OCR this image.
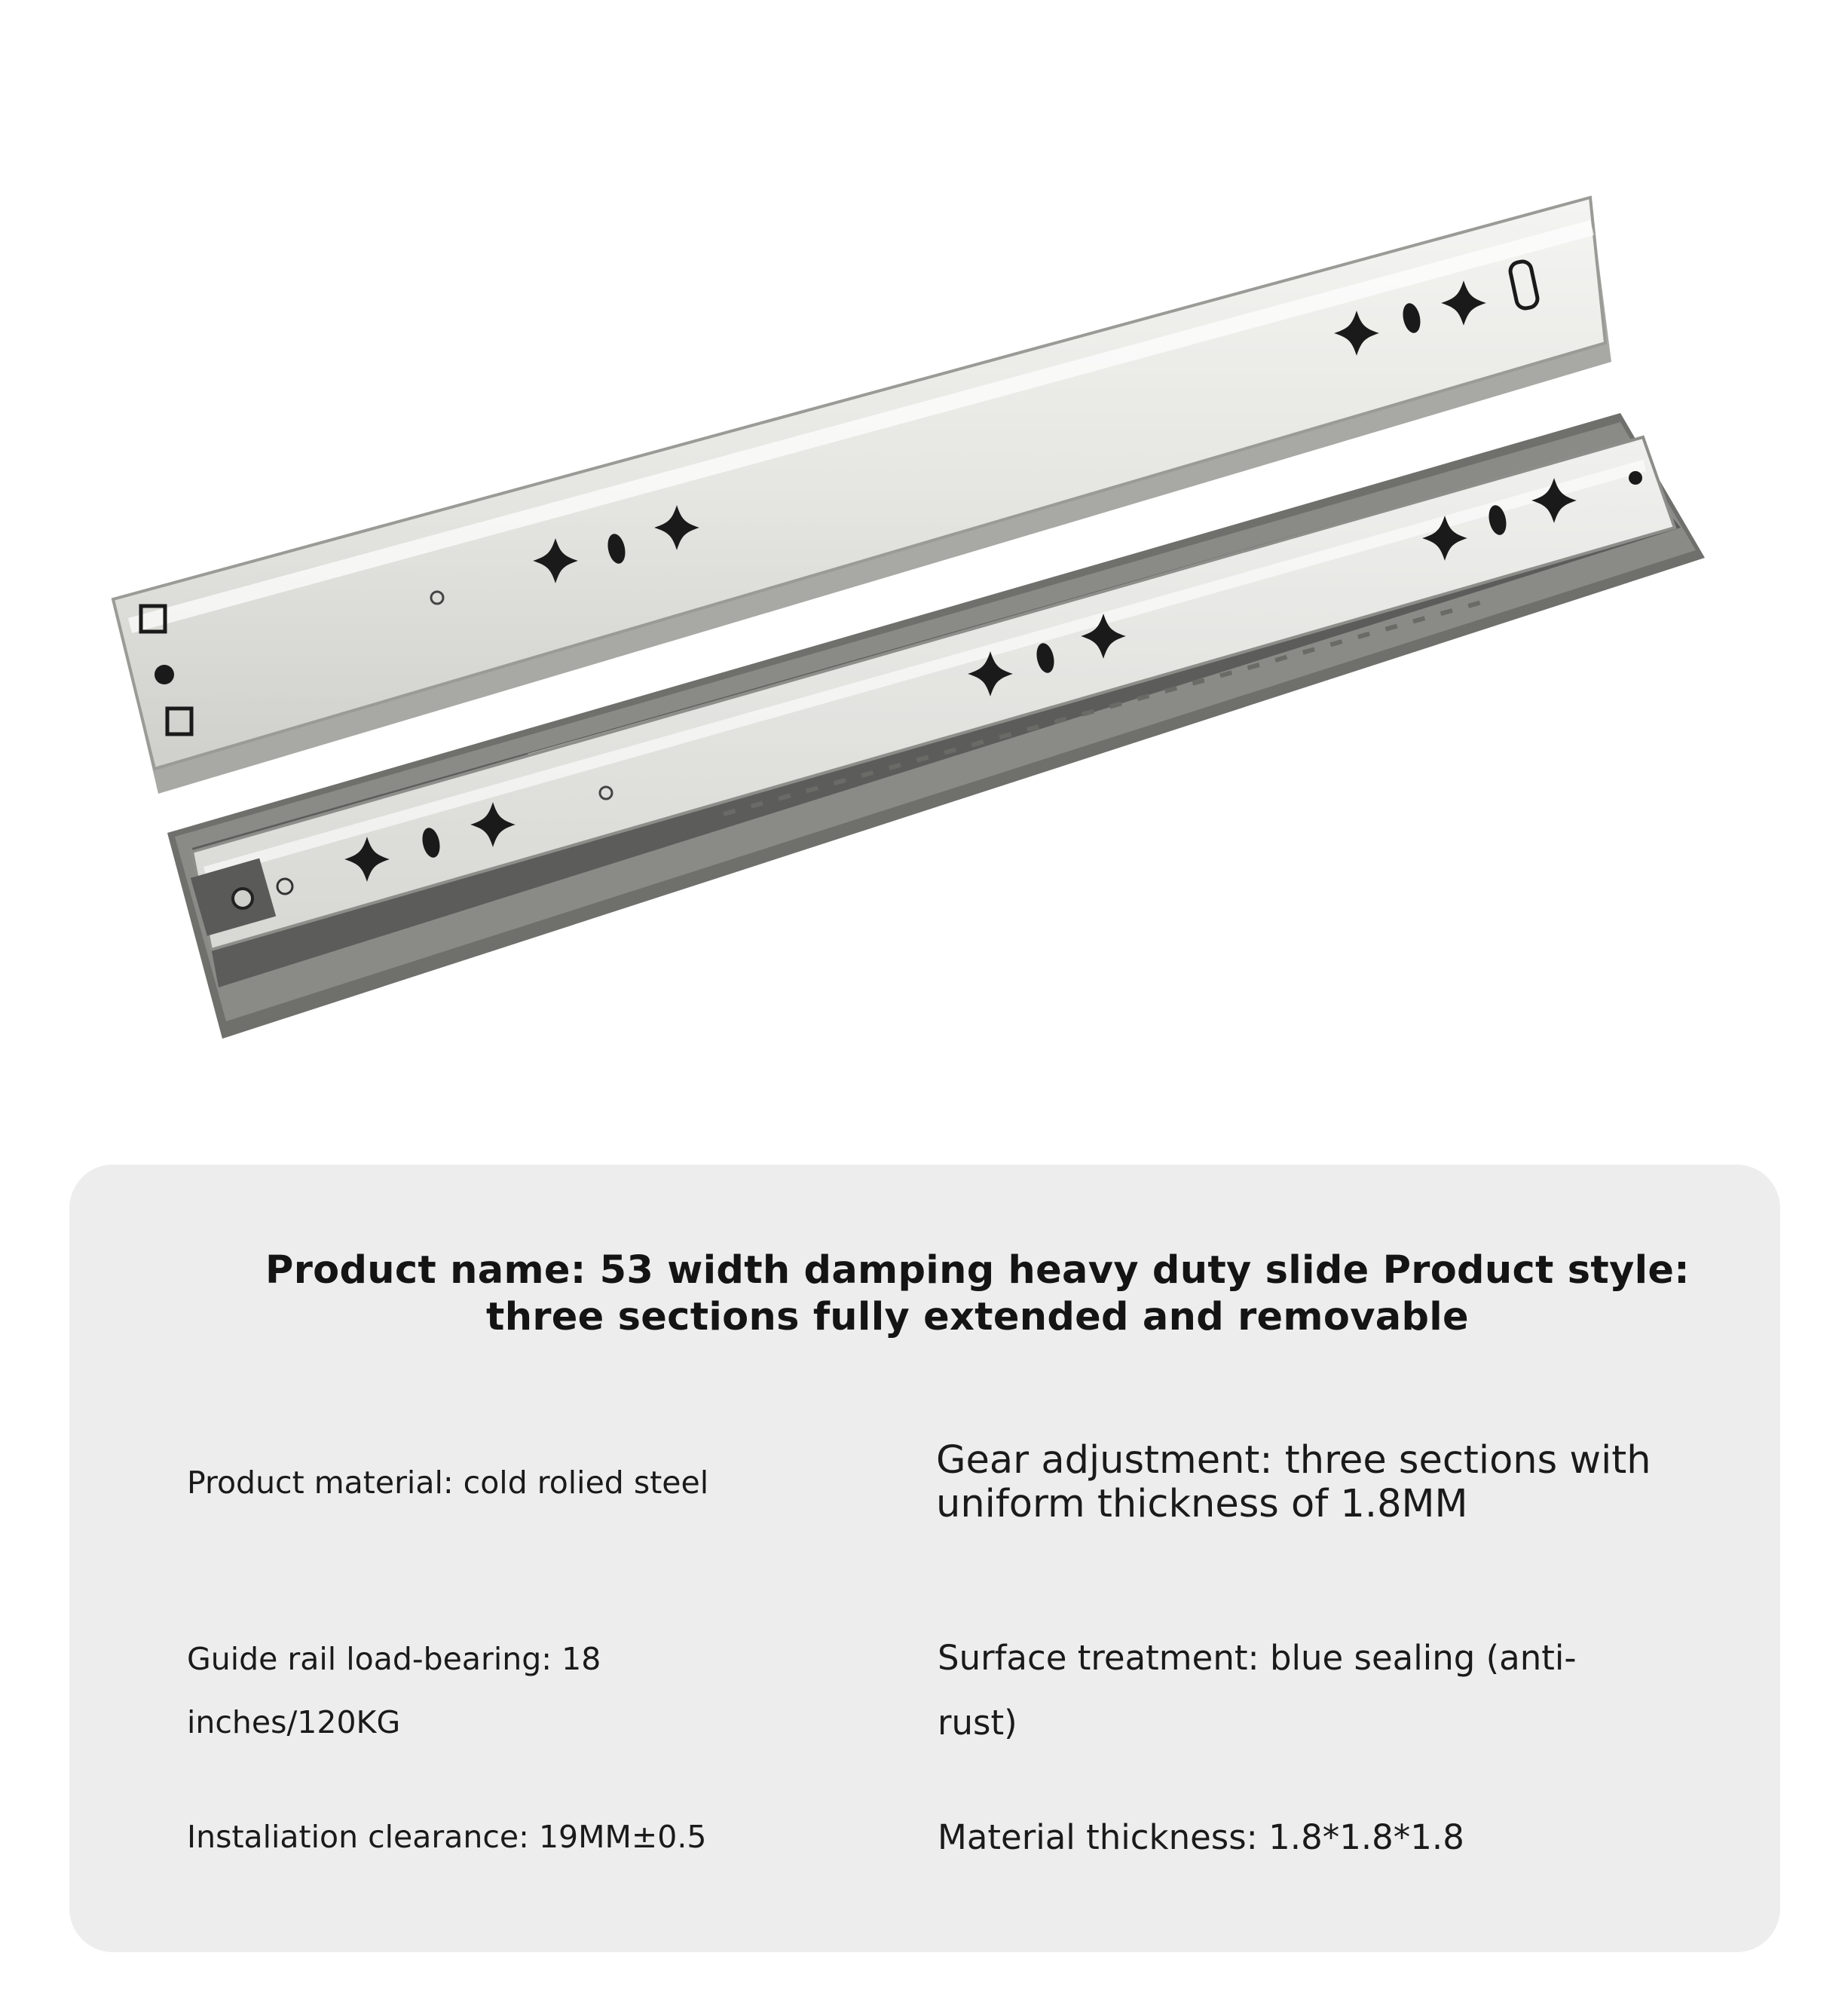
Product name: 53 width damping heavy duty slide Product style:
three sections fully extended and removable
Product material: cold rolied steel
Guide rail load-bearing: 18 inches/120KG
Instaliation clearance: 19MM±0.5
Gear adjustment: three sections with uniform thickness of 1.8MM
Surface treatment: blue sealing (anti-rust)
Material thickness: 1.8*1.8*1.8
